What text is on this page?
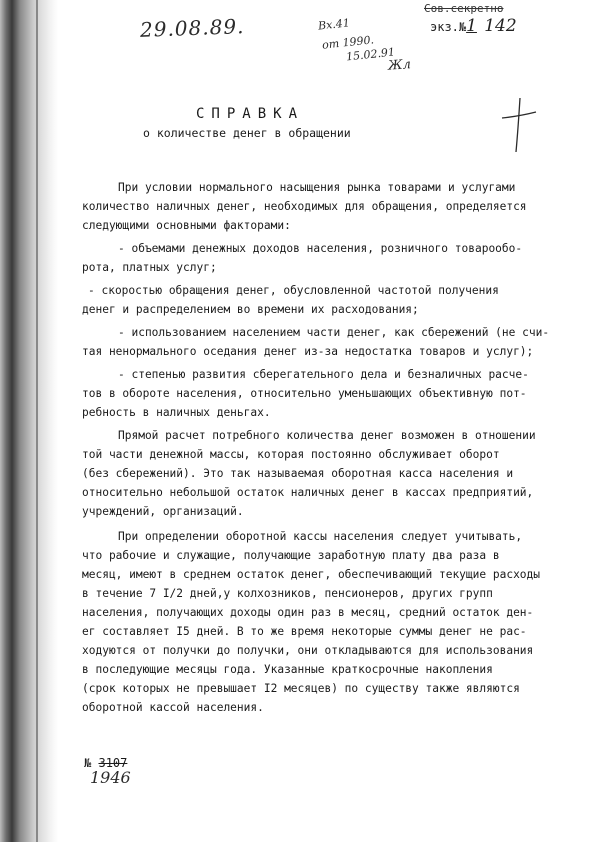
29.08.89.	Вх.41
от 1990.
15.02.91
Жл
Сов.секретно
экз.№1 142
СПРАВКА
о количестве денег в обращении
При условии нормального насыщения рынка товарами и услугами
количество наличных денег, необходимых для обращения, определяется
следующими основными факторами:
- объемами денежных доходов населения, розничного товарообо-
рота, платных услуг;
- скоростью обращения денег, обусловленной частотой получения
денег и распределением во времени их расходования;
- использованием населением части денег, как сбережений (не счи-
тая ненормального оседания денег из-за недостатка товаров и услуг);
- степенью развития сберегательного дела и безналичных расче-
тов в обороте населения, относительно уменьшающих объективную пот-
ребность в наличных деньгах.
Прямой расчет потребного количества денег возможен в отношении
той части денежной массы, которая постоянно обслуживает оборот
(без сбережений). Это так называемая оборотная касса населения и
относительно небольшой остаток наличных денег в кассах предприятий,
учреждений, организаций.
При определении оборотной кассы населения следует учитывать,
что рабочие и служащие, получающие заработную плату два раза в
месяц, имеют в среднем остаток денег, обеспечивающий текущие расходы
в течение 7 I/2 дней,у колхозников, пенсионеров, других групп
населения, получающих доходы один раз в месяц, средний остаток ден-
ег составляет I5 дней. В то же время некоторые суммы денег не рас-
ходуются от получки до получки, они откладываются для использования
в последующие месяцы года. Указанные краткосрочные накопления
(срок которых не превышает I2 месяцев) по существу также являются
оборотной кассой населения.
№ 3107
1946
